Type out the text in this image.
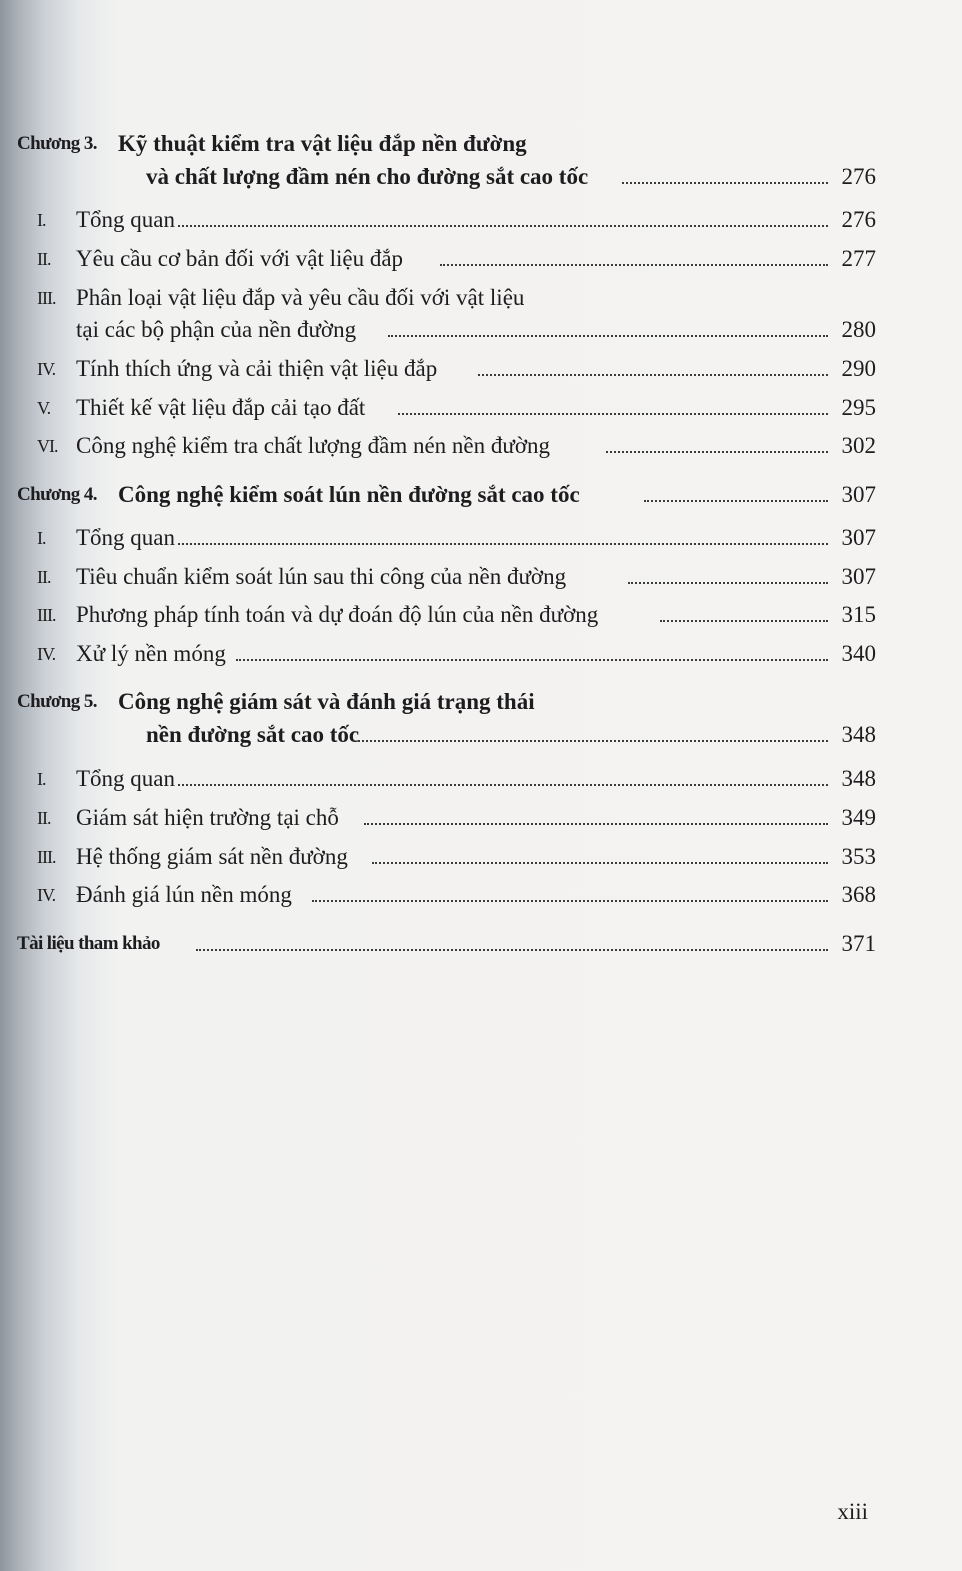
Chương 3. Kỹ thuật kiểm tra vật liệu đắp nền đường
và chất lượng đầm nén cho đường sắt cao tốc	276
I.	Tổng quan	276
II.	Yêu cầu cơ bản đối với vật liệu đắp	277
III. Phân loại vật liệu đắp và yêu cầu đối với vật liệu
tại các bộ phận của nền đường	280
IV. Tính thích ứng và cải thiện vật liệu đắp	290
V.	Thiết kế vật liệu đắp cải tạo đất	295
VI. Công nghệ kiểm tra chất lượng đầm nén nền đường	302
Chương 4. Công nghệ kiểm soát lún nền đường sắt cao tốc	307
I.	Tổng quan	307
II.	Tiêu chuẩn kiểm soát lún sau thi công của nền đường	307
III. Phương pháp tính toán và dự đoán độ lún của nền đường	315
IV. Xử lý nền móng	340
Chương 5. Công nghệ giám sát và đánh giá trạng thái
nền đường sắt cao tốc	348
I.	Tổng quan	348
II.	Giám sát hiện trường tại chỗ	349
III. Hệ thống giám sát nền đường	353
IV. Đánh giá lún nền móng	368
Tài liệu tham khảo	371
xiii
